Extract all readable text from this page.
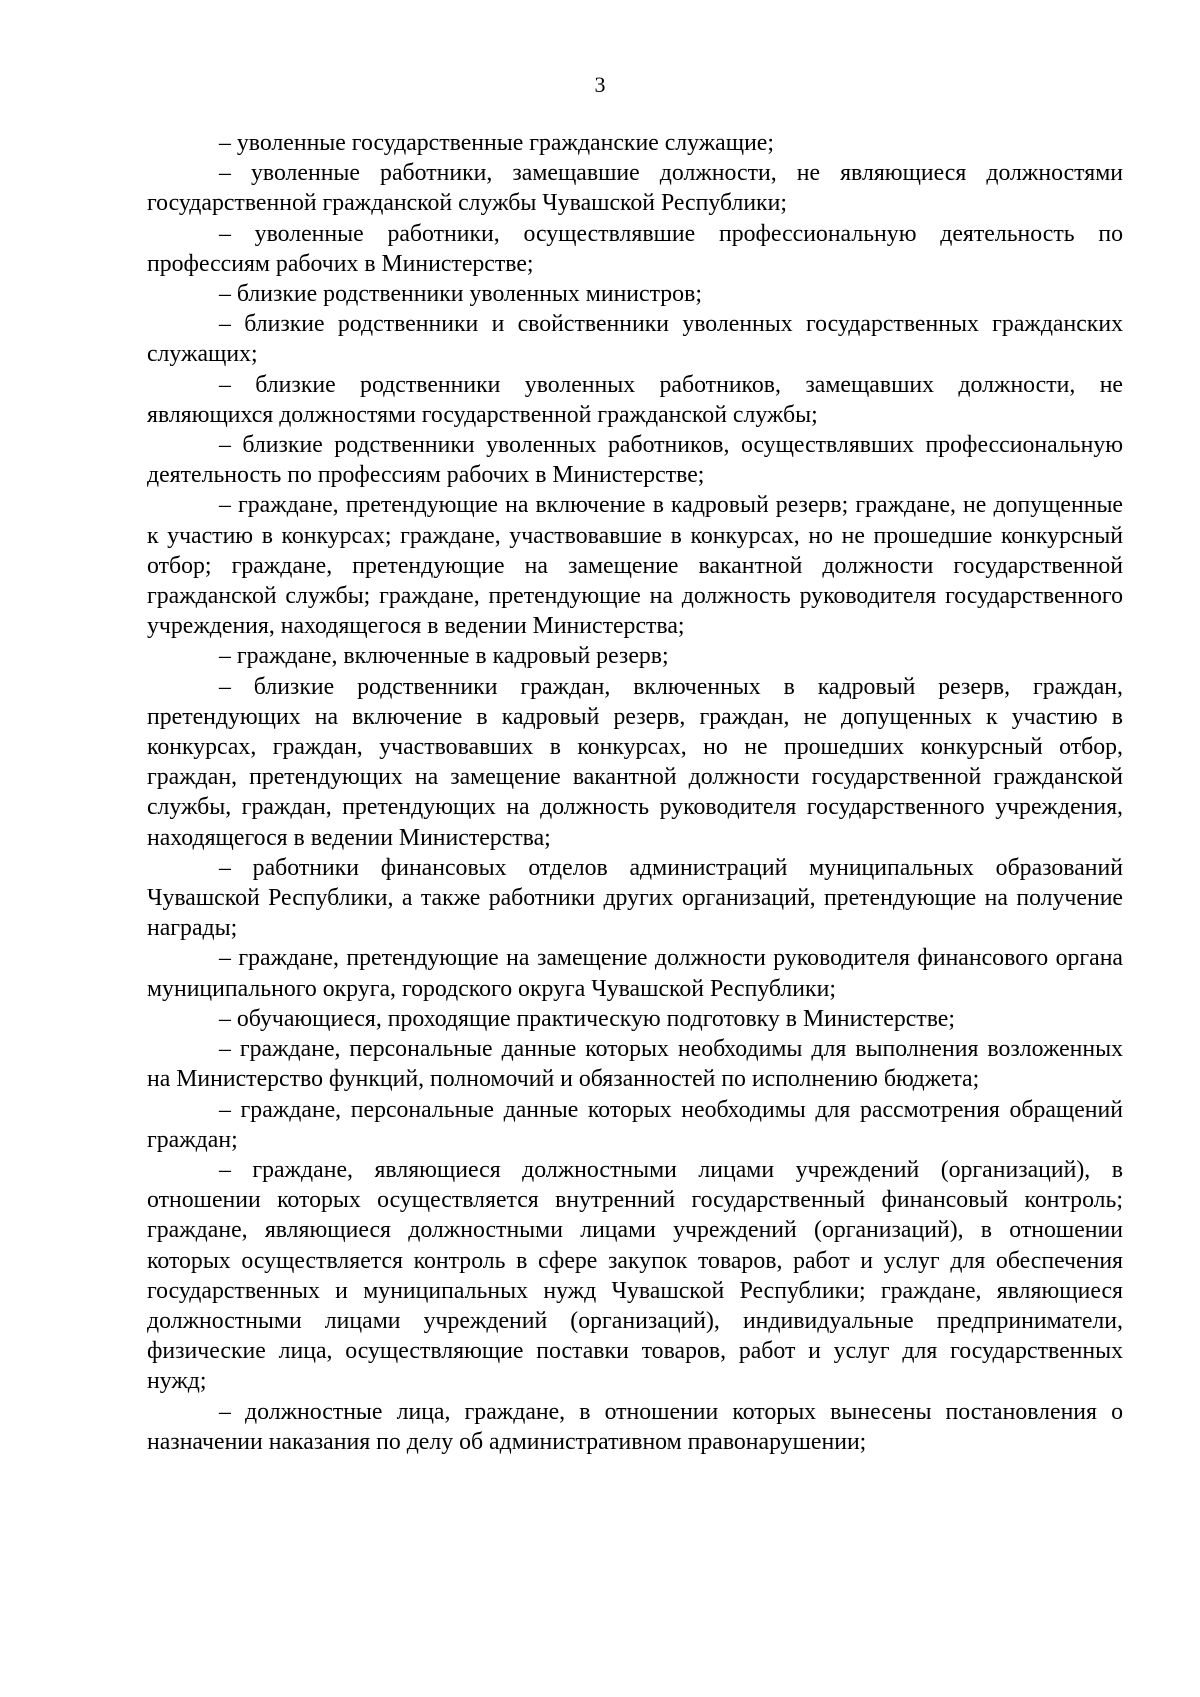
3

– уволенные государственные гражданские служащие;

– уволенные работники, замещавшие должности, не являющиеся должностями государственной гражданской службы Чувашской Республики;

– уволенные работники, осуществлявшие профессиональную деятельность по профессиям рабочих в Министерстве;

– близкие родственники уволенных министров;

– близкие родственники и свойственники уволенных государственных гражданских служащих;

– близкие родственники уволенных работников, замещавших должности, не являющихся должностями государственной гражданской службы;

– близкие родственники уволенных работников, осуществлявших профессиональную деятельность по профессиям рабочих в Министерстве;

– граждане, претендующие на включение в кадровый резерв; граждане, не допущенные к участию в конкурсах; граждане, участвовавшие в конкурсах, но не прошедшие конкурсный отбор; граждане, претендующие на замещение вакантной должности государственной гражданской службы; граждане, претендующие на должность руководителя государственного учреждения, находящегося в ведении Министерства;

– граждане, включенные в кадровый резерв;

– близкие родственники граждан, включенных в кадровый резерв, граждан, претендующих на включение в кадровый резерв, граждан, не допущенных к участию в конкурсах, граждан, участвовавших в конкурсах, но не прошедших конкурсный отбор, граждан, претендующих на замещение вакантной должности государственной гражданской службы, граждан, претендующих на должность руководителя государственного учреждения, находящегося в ведении Министерства;

– работники финансовых отделов администраций муниципальных образований Чувашской Республики, а также работники других организаций, претендующие на получение награды;

– граждане, претендующие на замещение должности руководителя финансового органа муниципального округа, городского округа Чувашской Республики;

– обучающиеся, проходящие практическую подготовку в Министерстве;

– граждане, персональные данные которых необходимы для выполнения возложенных на Министерство функций, полномочий и обязанностей по исполнению бюджета;

– граждане, персональные данные которых необходимы для рассмотрения обращений граждан;

– граждане, являющиеся должностными лицами учреждений (организаций), в отношении которых осуществляется внутренний государственный финансовый контроль; граждане, являющиеся должностными лицами учреждений (организаций), в отношении которых осуществляется контроль в сфере закупок товаров, работ и услуг для обеспечения государственных и муниципальных нужд Чувашской Республики; граждане, являющиеся должностными лицами учреждений (организаций), индивидуальные предприниматели, физические лица, осуществляющие поставки товаров, работ и услуг для государственных нужд;

– должностные лица, граждане, в отношении которых вынесены постановления о назначении наказания по делу об административном правонарушении;
